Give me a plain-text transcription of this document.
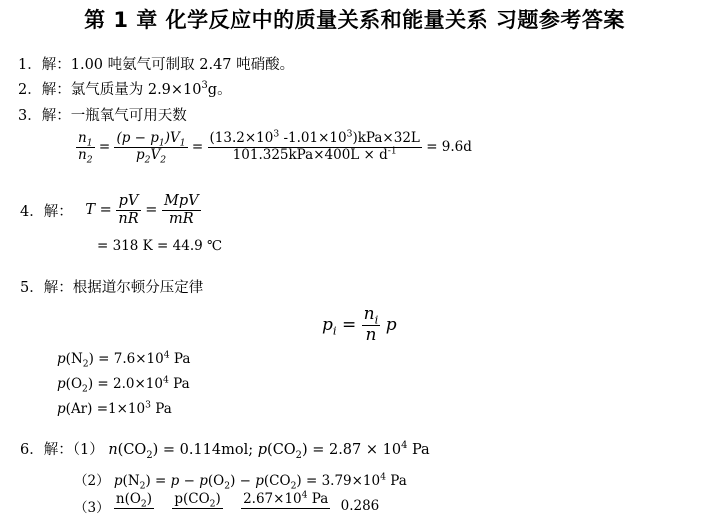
第 1 章 化学反应中的质量关系和能量关系 习题参考答案
1．解：1.00 吨氨气可制取 2.47 吨硝酸。
2．解：氯气质量为 $2.9\times 10^3g$。
3．解：一瓶氧气可用天数
$\frac{n_1}{n_2} = \frac{(p - p_1)V_1}{p_2V_2} = \frac{(13.2\times 10^3 -1.01\times 10^3)kPa\times 32L}{101.325kPa\times 400L \times d^{-1}} = 9.6d$
4．解： $T = \frac{pV}{nR} = \frac{\text{MpV}}{mR}$
= 318 K = 44.9 ℃
5．解：根据道尔顿分压定律
$p_i = \frac{n_i}{n}$ p
$p(N_2) = 7.6\times 10^4$ Pa
$p(O_2) = 2.0\times 10^4$ Pa
$p(Ar) =1\times 10^3$ Pa
6．解：（1） $n(CO_2) = 0.114mol$; $p(CO_2) = 2.87 \times 10^4$ Pa
（2） $p(N_2) = p - p(O_2) - p(CO_2) = 3.79\times 10^4$ Pa
（3）
$n(O_2)$
$p(CO_2)$
$2.67\times 10^4$ Pa 0.286
